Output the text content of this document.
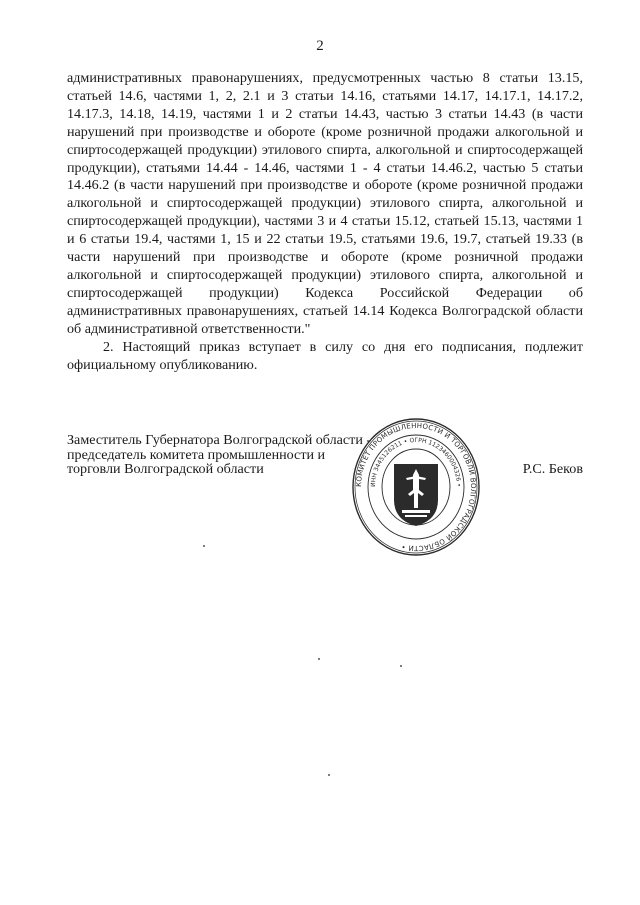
2

административных правонарушениях, предусмотренных частью 8 статьи 13.15, статьей 14.6, частями 1, 2, 2.1 и 3 статьи 14.16, статьями 14.17, 14.17.1, 14.17.2, 14.17.3, 14.18, 14.19, частями 1 и 2 статьи 14.43, частью 3 статьи 14.43 (в части нарушений при производстве и обороте (кроме розничной продажи алкогольной и спиртосодержащей продукции) этилового спирта, алкогольной и спиртосодержащей продукции), статьями 14.44 - 14.46, частями 1 - 4 статьи 14.46.2, частью 5 статьи 14.46.2 (в части нарушений при производстве и обороте (кроме розничной продажи алкогольной и спиртосодержащей продукции) этилового спирта, алкогольной и спиртосодержащей продукции), частями 3 и 4 статьи 15.12, статьей 15.13, частями 1 и 6 статьи 19.4, частями 1, 15 и 22 статьи 19.5, статьями 19.6, 19.7, статьей 19.33 (в части нарушений при производстве и обороте (кроме розничной продажи алкогольной и спиртосодержащей продукции) этилового спирта, алкогольной и спиртосодержащей продукции) Кодекса Российской Федерации об административных правонарушениях, статьей 14.14 Кодекса Волгоградской области об административной ответственности."

2. Настоящий приказ вступает в силу со дня его подписания, подлежит официальному опубликованию.

Заместитель Губернатора Волгоградской области -
председатель комитета промышленности и
торговли Волгоградской области	Р.С. Беков
КОМИТЕТ ПРОМЫШЛЕННОСТИ И ТОРГОВЛИ ВОЛГОГРАДСКОЙ ОБЛАСТИ •
ИНН 3445126211 • ОГРН 1123460004326 •
